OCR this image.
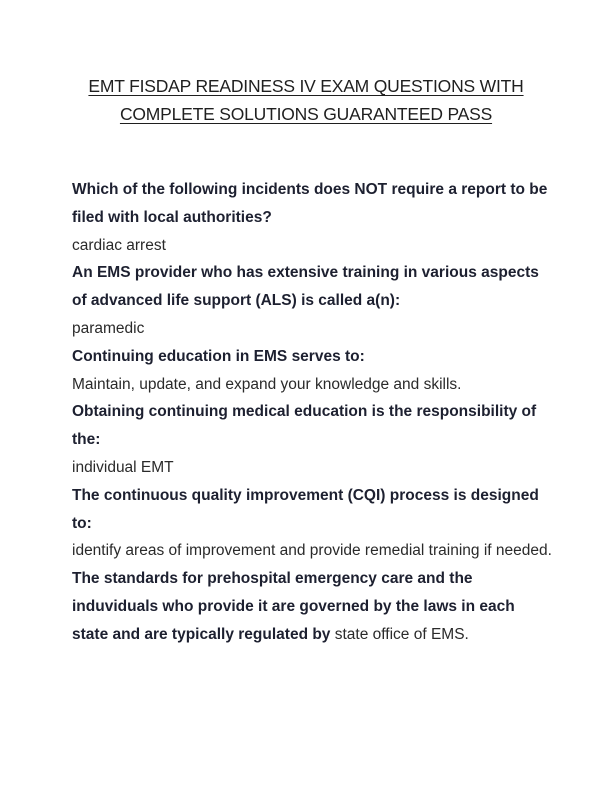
EMT FISDAP READINESS IV EXAM QUESTIONS WITH
COMPLETE SOLUTIONS GUARANTEED PASS
Which of the following incidents does NOT require a report to be filed with local authorities?
cardiac arrest
An EMS provider who has extensive training in various aspects of advanced life support (ALS) is called a(n):
paramedic
Continuing education in EMS serves to:
Maintain, update, and expand your knowledge and skills.
Obtaining continuing medical education is the responsibility of the:
individual EMT
The continuous quality improvement (CQI) process is designed to:
identify areas of improvement and provide remedial training if needed.
The standards for prehospital emergency care and the induviduals who provide it are governed by the laws in each state and are typically regulated by state office of EMS.
